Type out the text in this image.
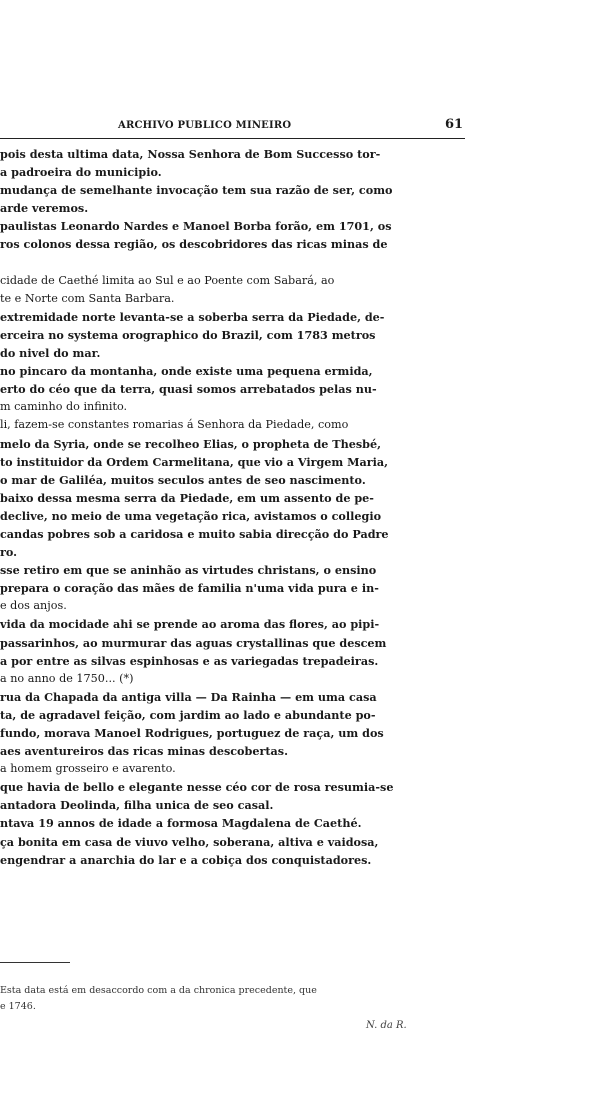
ARCHIVO PUBLICO MINEIRO	61
pois desta ultima data, Nossa Senhora de Bom Successo tor-
a padroeira do municipio.
mudança de semelhante invocação tem sua razão de ser, como
arde veremos.
paulistas Leonardo Nardes e Manoel Borba forão, em 1701, os
ros colonos dessa região, os descobridores das ricas minas de
cidade de Caethé limita ao Sul e ao Poente com Sabará, ao
te e Norte com Santa Barbara.
extremidade norte levanta-se a soberba serra da Piedade, de-
erceira no systema orographico do Brazil, com 1783 metros
do nivel do mar.
no pincaro da montanha, onde existe uma pequena ermida,
erto do céo que da terra, quasi somos arrebatados pelas nu-
m caminho do infinito.
li, fazem-se constantes romarias á Senhora da Piedade, como
melo da Syria, onde se recolheo Elias, o propheta de Thesbé,
to instituidor da Ordem Carmelitana, que vio a Virgem Maria,
o mar de Galiléa, muitos seculos antes de seo nascimento.
baixo dessa mesma serra da Piedade, em um assento de pe-
declive, no meio de uma vegetação rica, avistamos o collegio
candas pobres sob a caridosa e muito sabia direcção do Padre
ro.
sse retiro em que se aninhão as virtudes christans, o ensino
prepara o coração das mães de familia n'uma vida pura e in-
e dos anjos.
vida da mocidade ahi se prende ao aroma das flores, ao pipi-
passarinhos, ao murmurar das aguas crystallinas que descem
a por entre as silvas espinhosas e as variegadas trepadeiras.
a no anno de 1750... (*)
rua da Chapada da antiga villa — Da Rainha — em uma casa
ta, de agradavel feição, com jardim ao lado e abundante po-
fundo, morava Manoel Rodrigues, portuguez de raça, um dos
aes aventureiros das ricas minas descobertas.
a homem grosseiro e avarento.
que havia de bello e elegante nesse céo cor de rosa resumia-se
antadora Deolinda, filha unica de seo casal.
ntava 19 annos de idade a formosa Magdalena de Caethé.
ça bonita em casa de viuvo velho, soberana, altiva e vaidosa,
engendrar a anarchia do lar e a cobiça dos conquistadores.
Esta data está em desaccordo com a da chronica precedente, que
e 1746.
N. da R.
